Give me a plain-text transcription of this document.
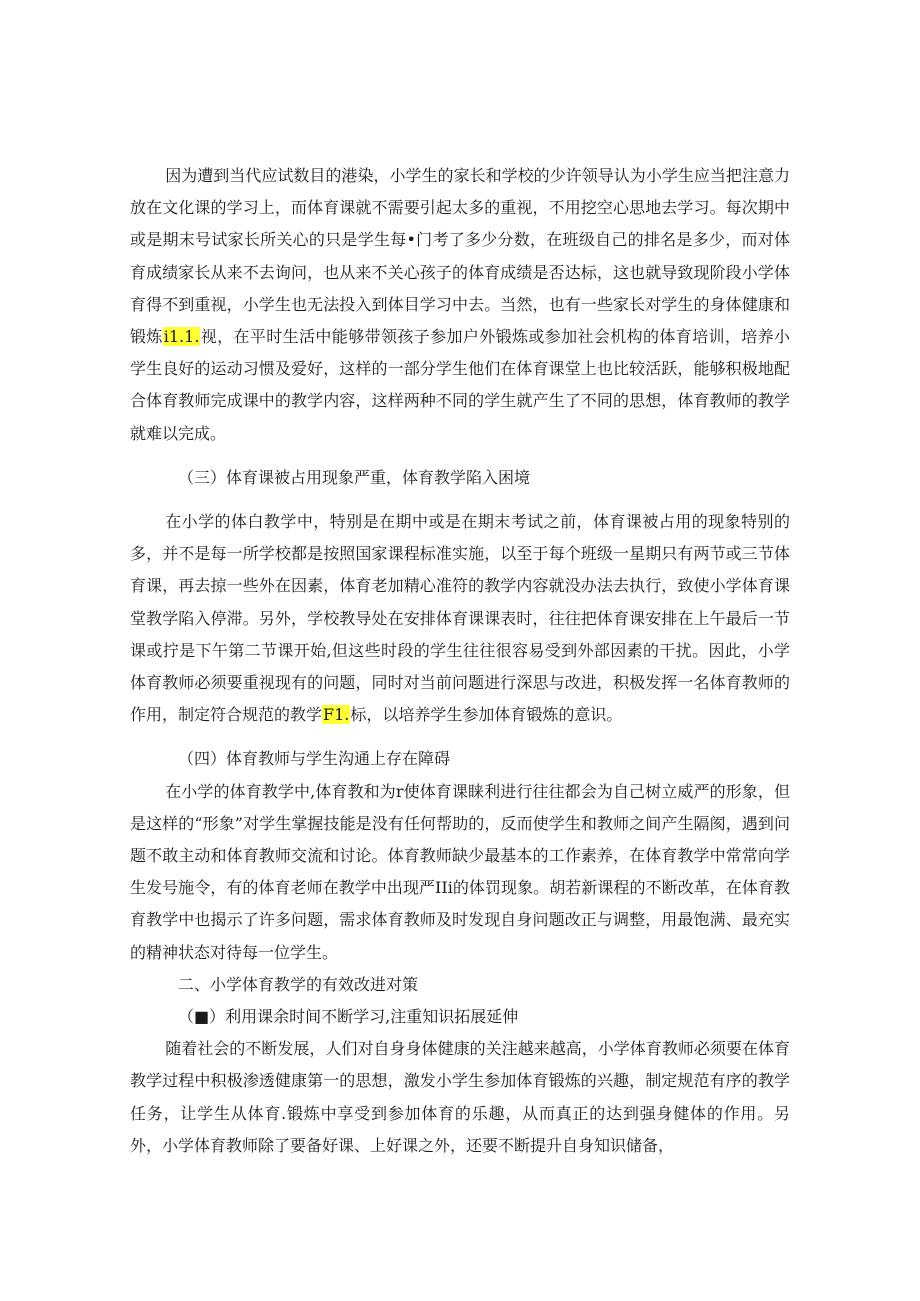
因为遭到当代应试数目的港染，小学生的家长和学校的少许领导认为小学生应当把注意力放在文化课的学习上，而体育课就不需要引起太多的重视，不用挖空心思地去学习。每次期中或是期末号试家长所关心的只是学生每•门考了多少分数，在班级自己的排名是多少，而对体育成绩家长从来不去询问，也从来不关心孩子的体育成绩是否达标，这也就导致现阶段小学体育得不到重视，小学生也无法投入到体目学习中去。当然，也有一些家长对学生的身体健康和锻炼i1.1.视，在平时生活中能够带领孩子参加户外锻炼或参加社会机构的体育培训，培养小学生良好的运动习惯及爱好，这样的一部分学生他们在体育课堂上也比较活跃，能够积极地配合体育教师完成课中的教学内容，这样两种不同的学生就产生了不同的思想，体育教师的教学就难以完成。

（三）体育课被占用现象严重，体育教学陷入困境

在小学的体白教学中，特别是在期中或是在期末考试之前，体育课被占用的现象特别的多，并不是每一所学校都是按照国家课程标准实施，以至于每个班级一星期只有两节或三节体育课，再去掠一些外在因素，体育老加精心准符的教学内容就没办法去执行，致使小学体育课堂教学陷入停滞。另外，学校教导处在安排体育课课表时，往往把体育课安排在上午最后一节课或拧是下午第二节课开始,但这些时段的学生往往很容易受到外部因素的干扰。因此，小学体育教师必须要重视现有的问题，同时对当前问题进行深思与改进，积极发挥一名体育教师的作用，制定符合规范的教学F1.标，以培养学生参加体育锻炼的意识。

（四）体育教师与学生沟通上存在障碍

在小学的体育教学中,体育教和为r使体育课睐利进行往往都会为自己树立威严的形象，但是这样的“形象”对学生掌握技能是没有任何帮助的，反而使学生和教师之间产生隔阂，遇到问题不敢主动和体育教师交流和讨论。体育教师缺少最基本的工作素养，在体育教学中常常向学生发号施令，有的体育老师在教学中出现严IIi的体罚现象。胡若新课程的不断改革，在体育教育教学中也揭示了许多问题，需求体育教师及时发现自身问题改正与调整，用最饱满、最充实的精神状态对待每一位学生。

二、小学体育教学的有效改进对策

（■）利用课余时间不断学习,注重知识拓展延伸

随着社会的不断发展，人们对自身身体健康的关注越来越高，小学体育教师必须要在体育教学过程中积极渗透健康第一的思想，激发小学生参加体育锻炼的兴趣，制定规范有序的教学任务，让学生从体育.锻炼中享受到参加体育的乐趣，从而真正的达到强身健体的作用。另外，小学体育教师除了要备好课、上好课之外，还要不断提升自身知识储备，
